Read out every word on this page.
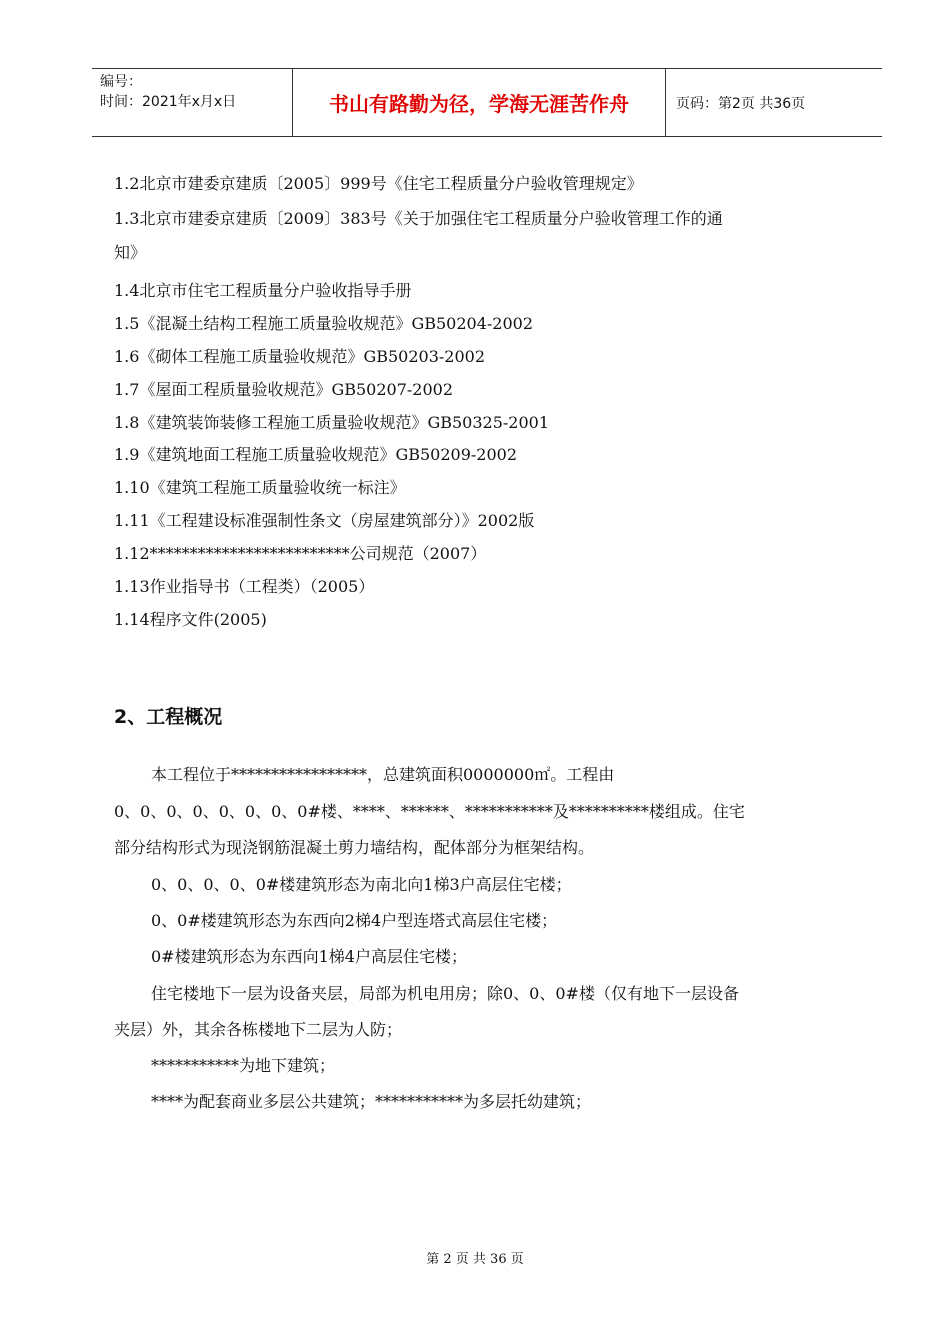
编号：
时间：2021年x月x日	书山有路勤为径，学海无涯苦作舟	页码：第2页 共36页
1.2北京市建委京建质〔2005〕999号《住宅工程质量分户验收管理规定》
1.3北京市建委京建质〔2009〕383号《关于加强住宅工程质量分户验收管理工作的通
知》
1.4北京市住宅工程质量分户验收指导手册
1.5《混凝土结构工程施工质量验收规范》GB50204-2002
1.6《砌体工程施工质量验收规范》GB50203-2002
1.7《屋面工程质量验收规范》GB50207-2002
1.8《建筑装饰装修工程施工质量验收规范》GB50325-2001
1.9《建筑地面工程施工质量验收规范》GB50209-2002
1.10《建筑工程施工质量验收统一标注》
1.11《工程建设标准强制性条文（房屋建筑部分）》2002版
1.12*************************公司规范（2007）
1.13作业指导书（工程类）（2005）
1.14程序文件(2005)
2、工程概况
本工程位于*****************，总建筑面积0000000㎡。工程由
0、0、0、0、0、0、0、0#楼、****、******、***********及**********楼组成。住宅
部分结构形式为现浇钢筋混凝土剪力墙结构，配体部分为框架结构。
0、0、0、0、0#楼建筑形态为南北向1梯3户高层住宅楼；
0、0#楼建筑形态为东西向2梯4户型连塔式高层住宅楼；
0#楼建筑形态为东西向1梯4户高层住宅楼；
住宅楼地下一层为设备夹层，局部为机电用房；除0、0、0#楼（仅有地下一层设备
夹层）外，其余各栋楼地下二层为人防；
***********为地下建筑；
****为配套商业多层公共建筑；***********为多层托幼建筑；
第 2 页 共 36 页
